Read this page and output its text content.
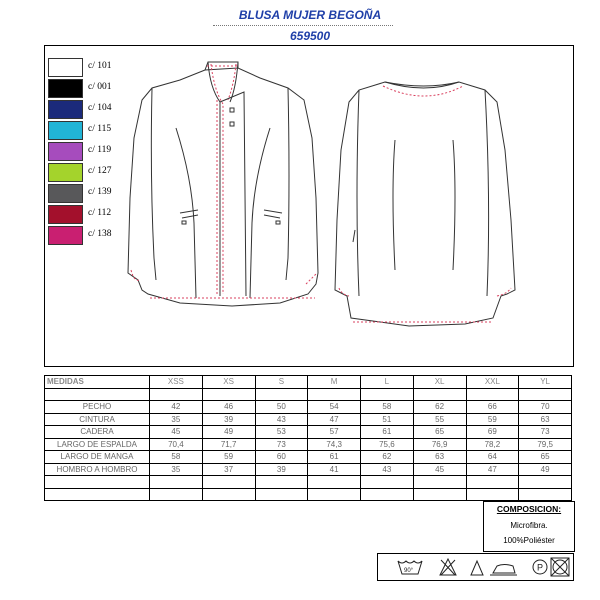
BLUSA MUJER BEGOÑA
659500
c/ 101
c/ 001
c/ 104
c/ 115
c/ 119
c/ 127
c/ 139
c/ 112
c/ 138
MEDIDAS	XSS	XS	S	M	L	XL	XXL	YL

PECHO	42	46	50	54	58	62	66	70
CINTURA	35	39	43	47	51	55	59	63
CADERA	45	49	53	57	61	65	69	73
LARGO DE ESPALDA	70,4	71,7	73	74,3	75,6	76,9	78,2	79,5
LARGO DE MANGA	58	59	60	61	62	63	64	65
HOMBRO A HOMBRO	35	37	39	41	43	45	47	49

COMPOSICION:
Microfibra.
100%Poliéster
90°	P
